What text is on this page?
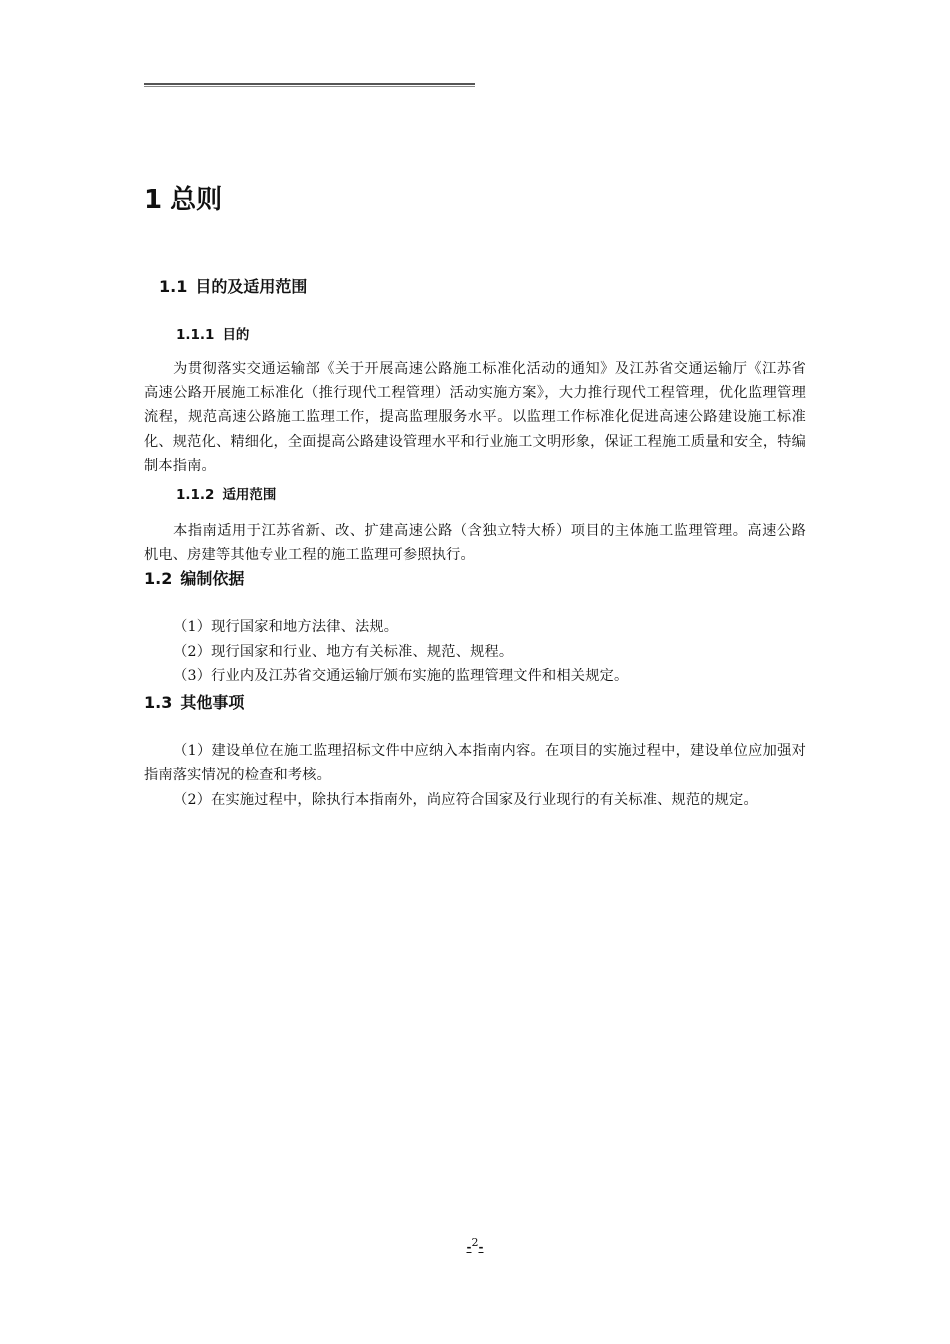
1 总则
1.1 目的及适用范围
1.1.1 目的
为贯彻落实交通运输部《关于开展高速公路施工标准化活动的通知》及江苏省交通运输厅《江苏省高速公路开展施工标准化（推行现代工程管理）活动实施方案》，大力推行现代工程管理，优化监理管理流程，规范高速公路施工监理工作，提高监理服务水平。以监理工作标准化促进高速公路建设施工标准化、规范化、精细化，全面提高公路建设管理水平和行业施工文明形象，保证工程施工质量和安全，特编制本指南。
1.1.2 适用范围
本指南适用于江苏省新、改、扩建高速公路（含独立特大桥）项目的主体施工监理管理。高速公路机电、房建等其他专业工程的施工监理可参照执行。
1.2 编制依据
（1）现行国家和地方法律、法规。
（2）现行国家和行业、地方有关标准、规范、规程。
（3）行业内及江苏省交通运输厅颁布实施的监理管理文件和相关规定。
1.3 其他事项
（1）建设单位在施工监理招标文件中应纳入本指南内容。在项目的实施过程中，建设单位应加强对指南落实情况的检查和考核。
（2）在实施过程中，除执行本指南外，尚应符合国家及行业现行的有关标准、规范的规定。
-2-
